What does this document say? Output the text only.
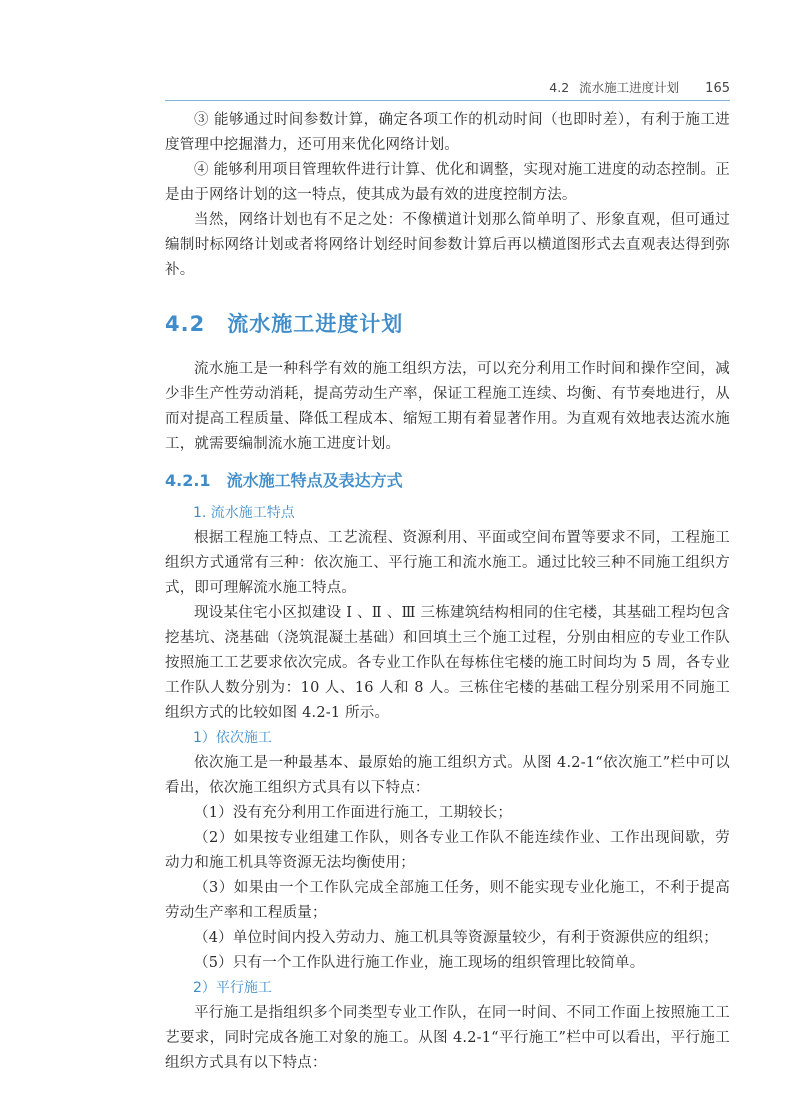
4.2 流水施工进度计划 165

③ 能够通过时间参数计算，确定各项工作的机动时间（也即时差），有利于施工进度管理中挖掘潜力，还可用来优化网络计划。

④ 能够利用项目管理软件进行计算、优化和调整，实现对施工进度的动态控制。正是由于网络计划的这一特点，使其成为最有效的进度控制方法。

当然，网络计划也有不足之处：不像横道计划那么简单明了、形象直观，但可通过编制时标网络计划或者将网络计划经时间参数计算后再以横道图形式去直观表达得到弥补。

4.2 流水施工进度计划

流水施工是一种科学有效的施工组织方法，可以充分利用工作时间和操作空间，减少非生产性劳动消耗，提高劳动生产率，保证工程施工连续、均衡、有节奏地进行，从而对提高工程质量、降低工程成本、缩短工期有着显著作用。为直观有效地表达流水施工，就需要编制流水施工进度计划。

4.2.1 流水施工特点及表达方式
1. 流水施工特点

根据工程施工特点、工艺流程、资源利用、平面或空间布置等要求不同，工程施工组织方式通常有三种：依次施工、平行施工和流水施工。通过比较三种不同施工组织方式，即可理解流水施工特点。

现设某住宅小区拟建设 Ⅰ 、Ⅱ 、Ⅲ 三栋建筑结构相同的住宅楼，其基础工程均包含挖基坑、浇基础（浇筑混凝土基础）和回填土三个施工过程，分别由相应的专业工作队按照施工工艺要求依次完成。各专业工作队在每栋住宅楼的施工时间均为 5 周，各专业工作队人数分别为：10 人、16 人和 8 人。三栋住宅楼的基础工程分别采用不同施工组织方式的比较如图 4.2-1 所示。

1）依次施工

依次施工是一种最基本、最原始的施工组织方式。从图 4.2-1“依次施工”栏中可以看出，依次施工组织方式具有以下特点：

（1）没有充分利用工作面进行施工，工期较长；

（2）如果按专业组建工作队，则各专业工作队不能连续作业、工作出现间歇，劳动力和施工机具等资源无法均衡使用；

（3）如果由一个工作队完成全部施工任务，则不能实现专业化施工，不利于提高劳动生产率和工程质量；

（4）单位时间内投入劳动力、施工机具等资源量较少，有利于资源供应的组织；

（5）只有一个工作队进行施工作业，施工现场的组织管理比较简单。

2）平行施工

平行施工是指组织多个同类型专业工作队，在同一时间、不同工作面上按照施工工艺要求，同时完成各施工对象的施工。从图 4.2-1“平行施工”栏中可以看出，平行施工组织方式具有以下特点：
